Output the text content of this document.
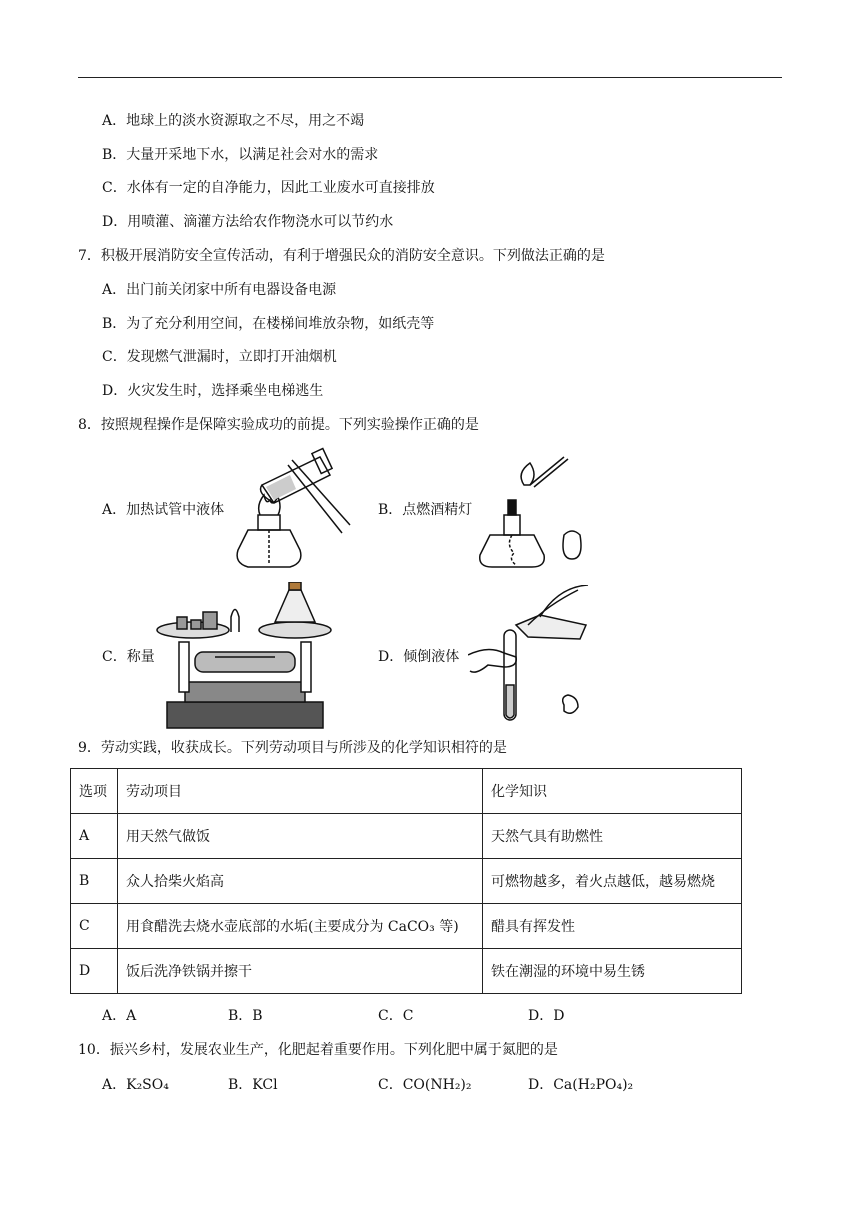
A．地球上的淡水资源取之不尽，用之不竭
B．大量开采地下水，以满足社会对水的需求
C．水体有一定的自净能力，因此工业废水可直接排放
D．用喷灌、滴灌方法给农作物浇水可以节约水
7．积极开展消防安全宣传活动，有利于增强民众的消防安全意识。下列做法正确的是
A．出门前关闭家中所有电器设备电源
B．为了充分利用空间，在楼梯间堆放杂物，如纸壳等
C．发现燃气泄漏时，立即打开油烟机
D．火灾发生时，选择乘坐电梯逃生
8．按照规程操作是保障实验成功的前提。下列实验操作正确的是
A．加热试管中液体	B．点燃酒精灯
C．称量	D．倾倒液体
9．劳动实践，收获成长。下列劳动项目与所涉及的化学知识相符的是
选项	劳动项目	化学知识
A	用天然气做饭	天然气具有助燃性
B	众人拾柴火焰高	可燃物越多，着火点越低，越易燃烧
C	用食醋洗去烧水壶底部的水垢(主要成分为 CaCO₃ 等)	醋具有挥发性
D	饭后洗净铁锅并擦干	铁在潮湿的环境中易生锈
A．A	B．B	C．C	D．D
10．振兴乡村，发展农业生产，化肥起着重要作用。下列化肥中属于氮肥的是
A．K₂SO₄	B．KCl	C．CO(NH₂)₂	D．Ca(H₂PO₄)₂
